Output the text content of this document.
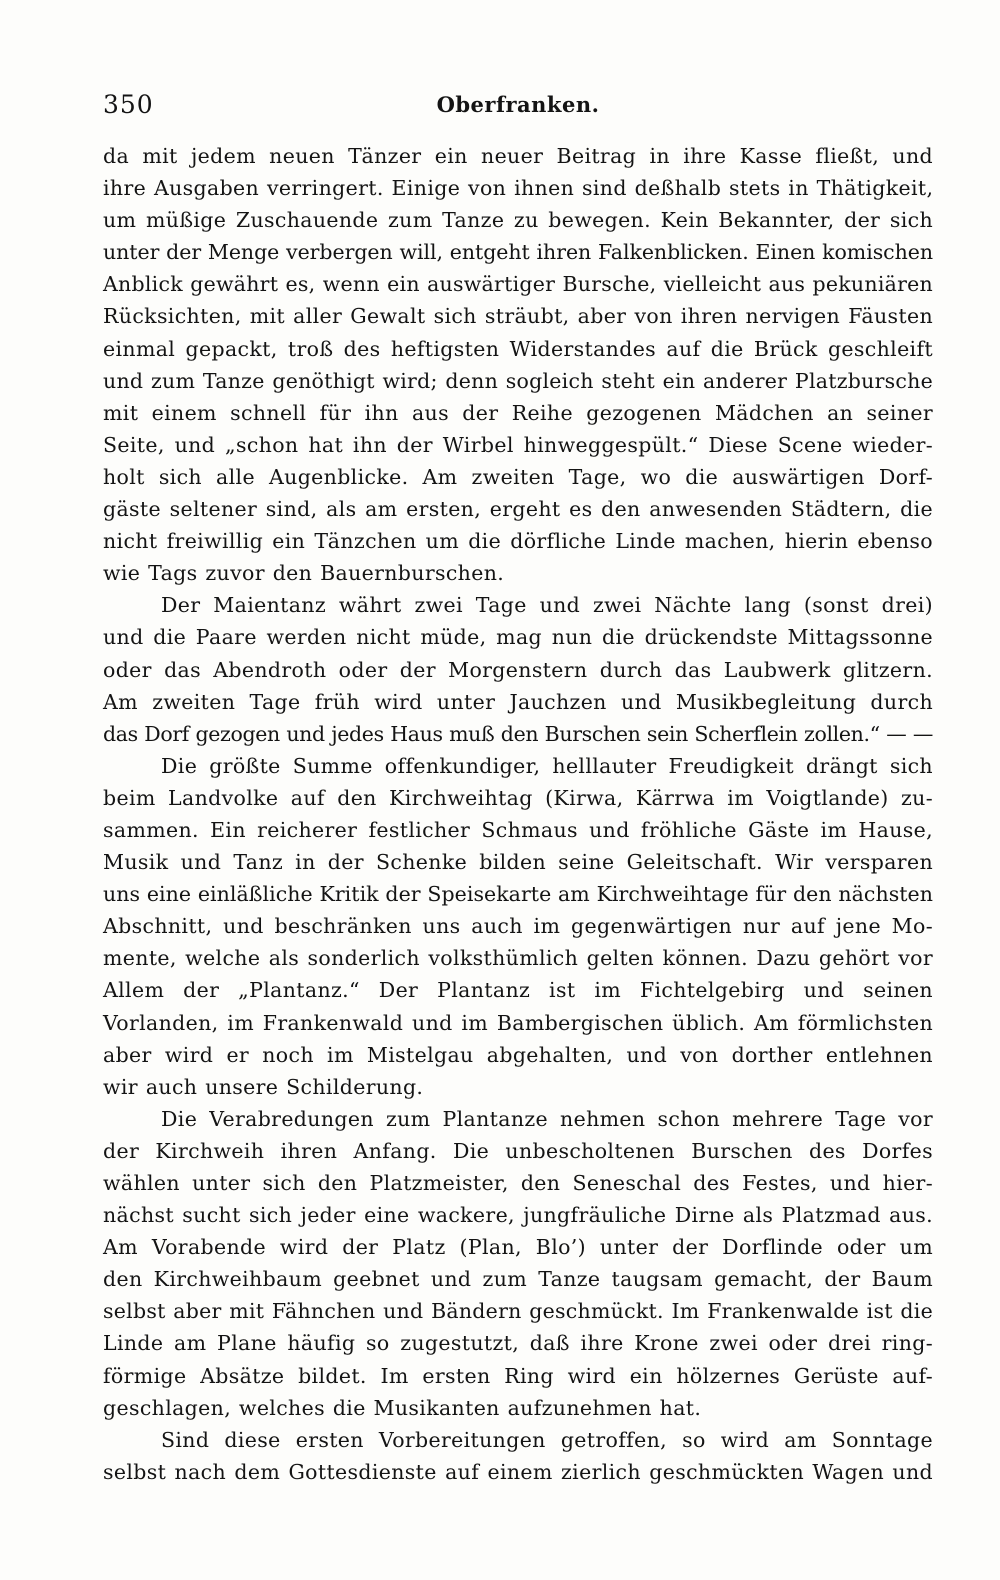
350	Oberfranken.

da mit jedem neuen Tänzer ein neuer Beitrag in ihre Kasse fließt, und
ihre Ausgaben verringert. Einige von ihnen sind deßhalb stets in Thätigkeit,
um müßige Zuschauende zum Tanze zu bewegen. Kein Bekannter, der sich
unter der Menge verbergen will, entgeht ihren Falkenblicken. Einen komischen
Anblick gewährt es, wenn ein auswärtiger Bursche, vielleicht aus pekuniären
Rücksichten, mit aller Gewalt sich sträubt, aber von ihren nervigen Fäusten
einmal gepackt, troß des heftigsten Widerstandes auf die Brück geschleift
und zum Tanze genöthigt wird; denn sogleich steht ein anderer Platzbursche
mit einem schnell für ihn aus der Reihe gezogenen Mädchen an seiner
Seite, und „schon hat ihn der Wirbel hinweggespült.“ Diese Scene wieder-
holt sich alle Augenblicke. Am zweiten Tage, wo die auswärtigen Dorf-
gäste seltener sind, als am ersten, ergeht es den anwesenden Städtern, die
nicht freiwillig ein Tänzchen um die dörfliche Linde machen, hierin ebenso
wie Tags zuvor den Bauernburschen.

Der Maientanz währt zwei Tage und zwei Nächte lang (sonst drei)
und die Paare werden nicht müde, mag nun die drückendste Mittagssonne
oder das Abendroth oder der Morgenstern durch das Laubwerk glitzern.
Am zweiten Tage früh wird unter Jauchzen und Musikbegleitung durch
das Dorf gezogen und jedes Haus muß den Burschen sein Scherflein zollen.“ — —

Die größte Summe offenkundiger, helllauter Freudigkeit drängt sich
beim Landvolke auf den Kirchweihtag (Kirwa, Kärrwa im Voigtlande) zu-
sammen. Ein reicherer festlicher Schmaus und fröhliche Gäste im Hause,
Musik und Tanz in der Schenke bilden seine Geleitschaft. Wir versparen
uns eine einläßliche Kritik der Speisekarte am Kirchweihtage für den nächsten
Abschnitt, und beschränken uns auch im gegenwärtigen nur auf jene Mo-
mente, welche als sonderlich volksthümlich gelten können. Dazu gehört vor
Allem der „Plantanz.“ Der Plantanz ist im Fichtelgebirg und seinen
Vorlanden, im Frankenwald und im Bambergischen üblich. Am förmlichsten
aber wird er noch im Mistelgau abgehalten, und von dorther entlehnen
wir auch unsere Schilderung.

Die Verabredungen zum Plantanze nehmen schon mehrere Tage vor
der Kirchweih ihren Anfang. Die unbescholtenen Burschen des Dorfes
wählen unter sich den Platzmeister, den Seneschal des Festes, und hier-
nächst sucht sich jeder eine wackere, jungfräuliche Dirne als Platzmad aus.
Am Vorabende wird der Platz (Plan, Blo’) unter der Dorflinde oder um
den Kirchweihbaum geebnet und zum Tanze taugsam gemacht, der Baum
selbst aber mit Fähnchen und Bändern geschmückt. Im Frankenwalde ist die
Linde am Plane häufig so zugestutzt, daß ihre Krone zwei oder drei ring-
förmige Absätze bildet. Im ersten Ring wird ein hölzernes Gerüste auf-
geschlagen, welches die Musikanten aufzunehmen hat.

Sind diese ersten Vorbereitungen getroffen, so wird am Sonntage
selbst nach dem Gottesdienste auf einem zierlich geschmückten Wagen und
